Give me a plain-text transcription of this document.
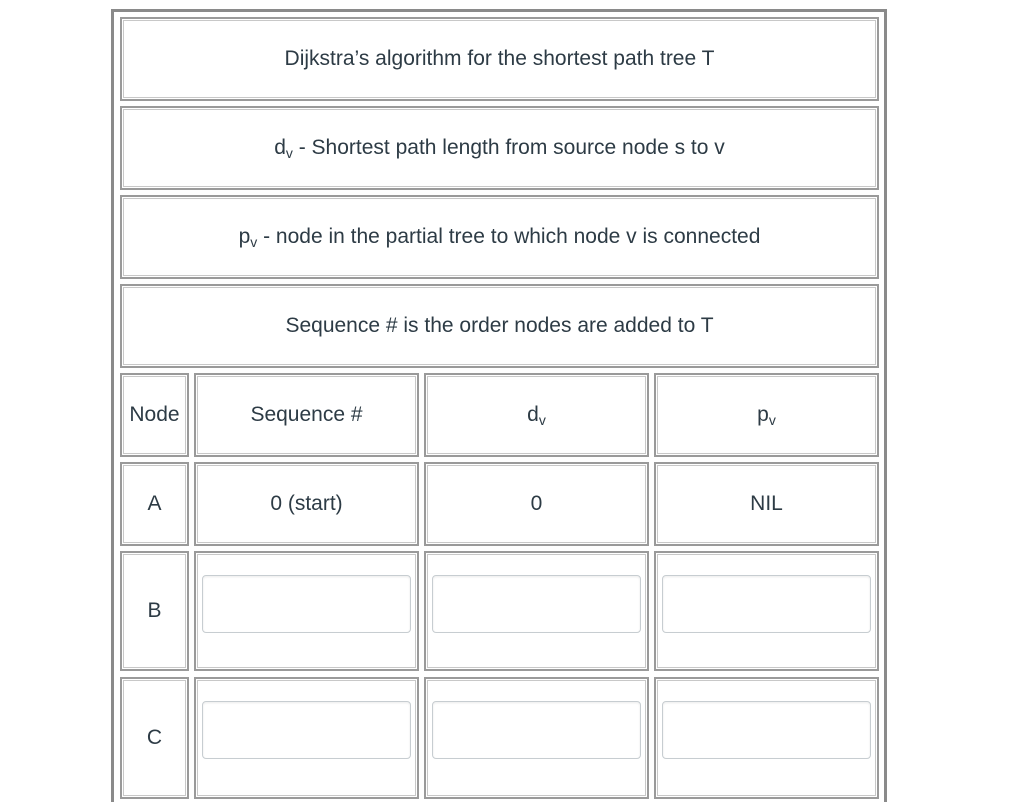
Dijkstra’s algorithm for the shortest path tree T
$d_v$ - Shortest path length from source node s to v
$p_v$ - node in the partial tree to which node v is connected
Sequence # is the order nodes are added to T
Node	Sequence #	$d_v$	$p_v$
A	0 (start)	0	NIL
B
C
